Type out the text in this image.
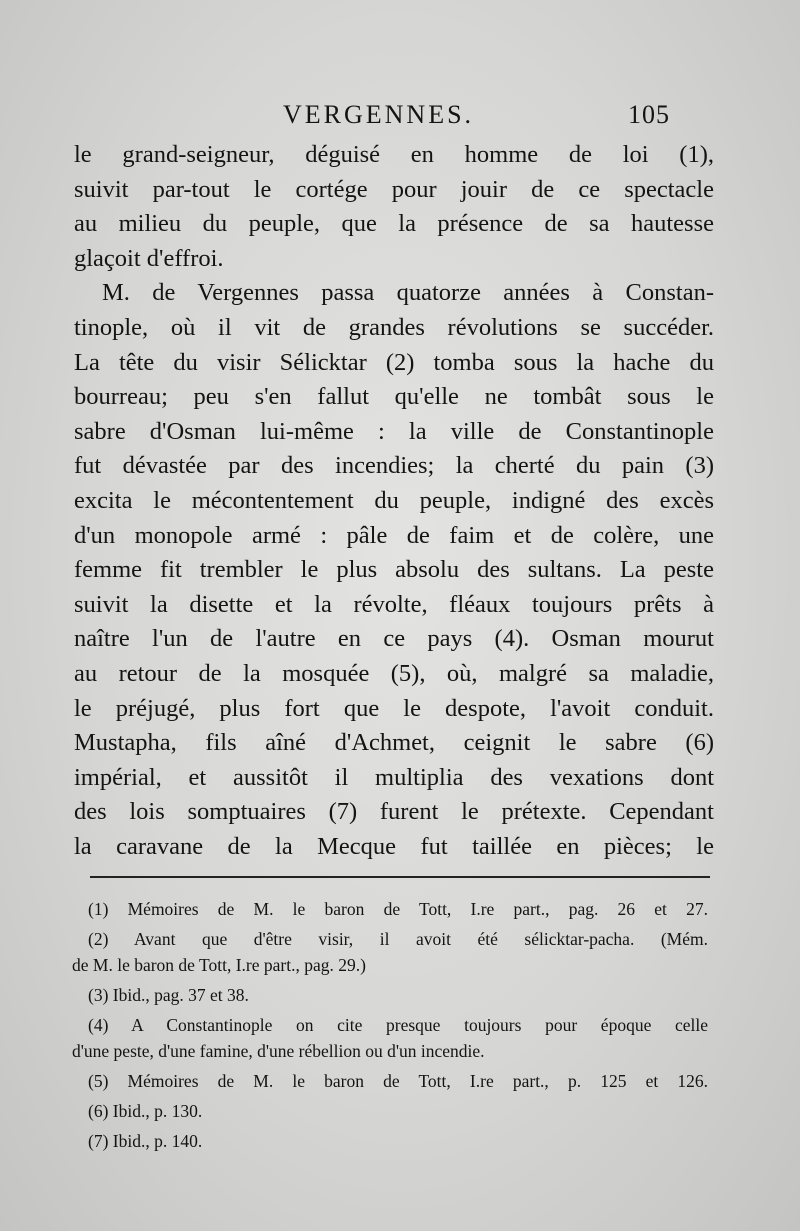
VERGENNES.	105
le grand-seigneur, déguisé en homme de loi (1),
suivit par-tout le cortége pour jouir de ce spectacle
au milieu du peuple, que la présence de sa hautesse
glaçoit d'effroi.
M. de Vergennes passa quatorze années à Constan-
tinople, où il vit de grandes révolutions se succéder.
La tête du visir Sélicktar (2) tomba sous la hache du
bourreau; peu s'en fallut qu'elle ne tombât sous le
sabre d'Osman lui-même : la ville de Constantinople
fut dévastée par des incendies; la cherté du pain (3)
excita le mécontentement du peuple, indigné des excès
d'un monopole armé : pâle de faim et de colère, une
femme fit trembler le plus absolu des sultans. La peste
suivit la disette et la révolte, fléaux toujours prêts à
naître l'un de l'autre en ce pays (4). Osman mourut
au retour de la mosquée (5), où, malgré sa maladie,
le préjugé, plus fort que le despote, l'avoit conduit.
Mustapha, fils aîné d'Achmet, ceignit le sabre (6)
impérial, et aussitôt il multiplia des vexations dont
des lois somptuaires (7) furent le prétexte. Cependant
la caravane de la Mecque fut taillée en pièces; le
(1) Mémoires de M. le baron de Tott, I.re part., pag. 26 et 27.
(2) Avant que d'être visir, il avoit été sélicktar-pacha. (Mém.
de M. le baron de Tott, I.re part., pag. 29.)
(3) Ibid., pag. 37 et 38.
(4) A Constantinople on cite presque toujours pour époque celle
d'une peste, d'une famine, d'une rébellion ou d'un incendie.
(5) Mémoires de M. le baron de Tott, I.re part., p. 125 et 126.
(6) Ibid., p. 130.
(7) Ibid., p. 140.
